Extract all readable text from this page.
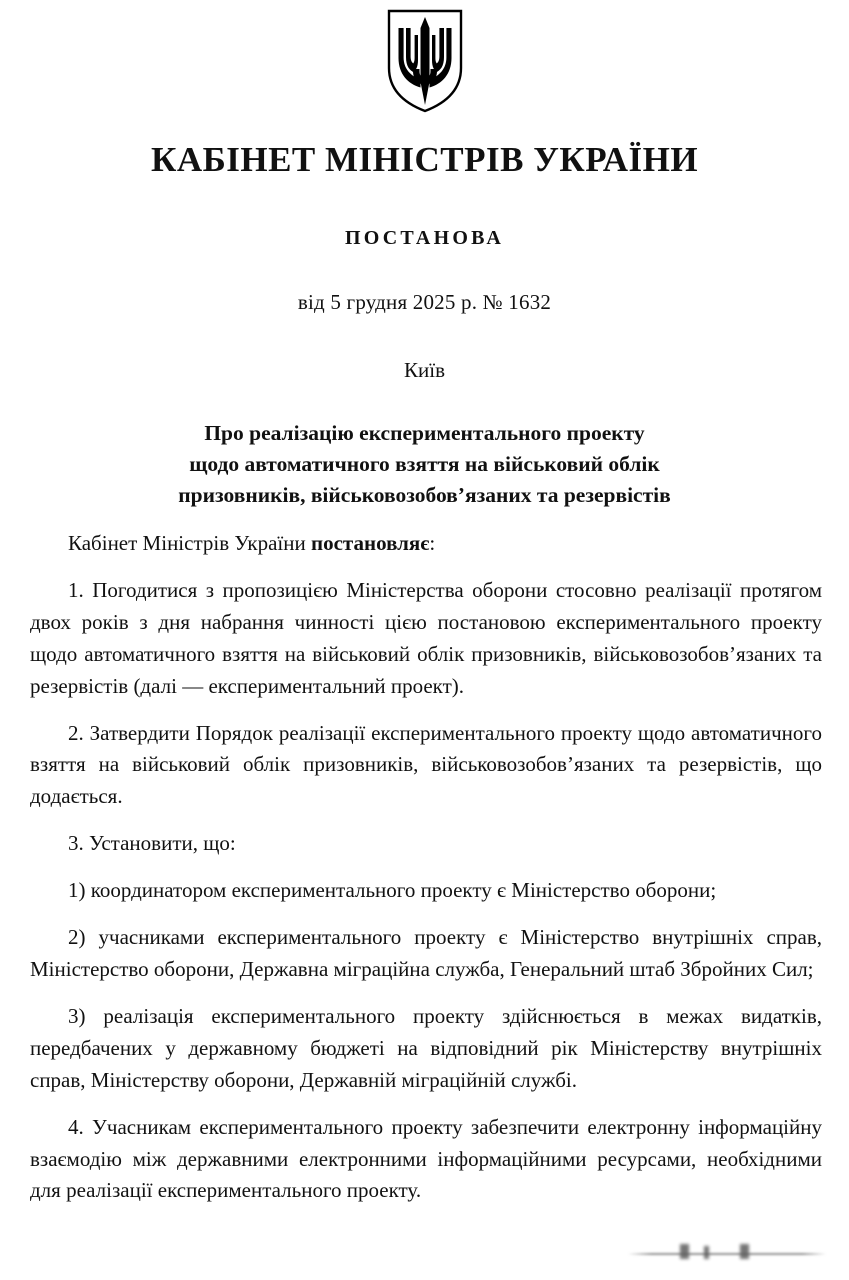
КАБІНЕТ МІНІСТРІВ УКРАЇНИ
ПОСТАНОВА
від 5 грудня 2025 р. № 1632
Київ
Про реалізацію експериментального проекту
щодо автоматичного взяття на військовий облік
призовників, військовозобов’язаних та резервістів

Кабінет Міністрів України постановляє:

1. Погодитися з пропозицією Міністерства оборони стосовно реалізації протягом двох років з дня набрання чинності цією постановою експериментального проекту щодо автоматичного взяття на військовий облік призовників, військовозобов’язаних та резервістів (далі — експериментальний проект).

2. Затвердити Порядок реалізації експериментального проекту щодо автоматичного взяття на військовий облік призовників, військовозобов’язаних та резервістів, що додається.

3. Установити, що:

1) координатором експериментального проекту є Міністерство оборони;

2) учасниками експериментального проекту є Міністерство внутрішніх справ, Міністерство оборони, Державна міграційна служба, Генеральний штаб Збройних Сил;

3) реалізація експериментального проекту здійснюється в межах видатків, передбачених у державному бюджеті на відповідний рік Міністерству внутрішніх справ, Міністерству оборони, Державній міграційній службі.

4. Учасникам експериментального проекту забезпечити електронну інформаційну взаємодію між державними електронними інформаційними ресурсами, необхідними для реалізації експериментального проекту.
